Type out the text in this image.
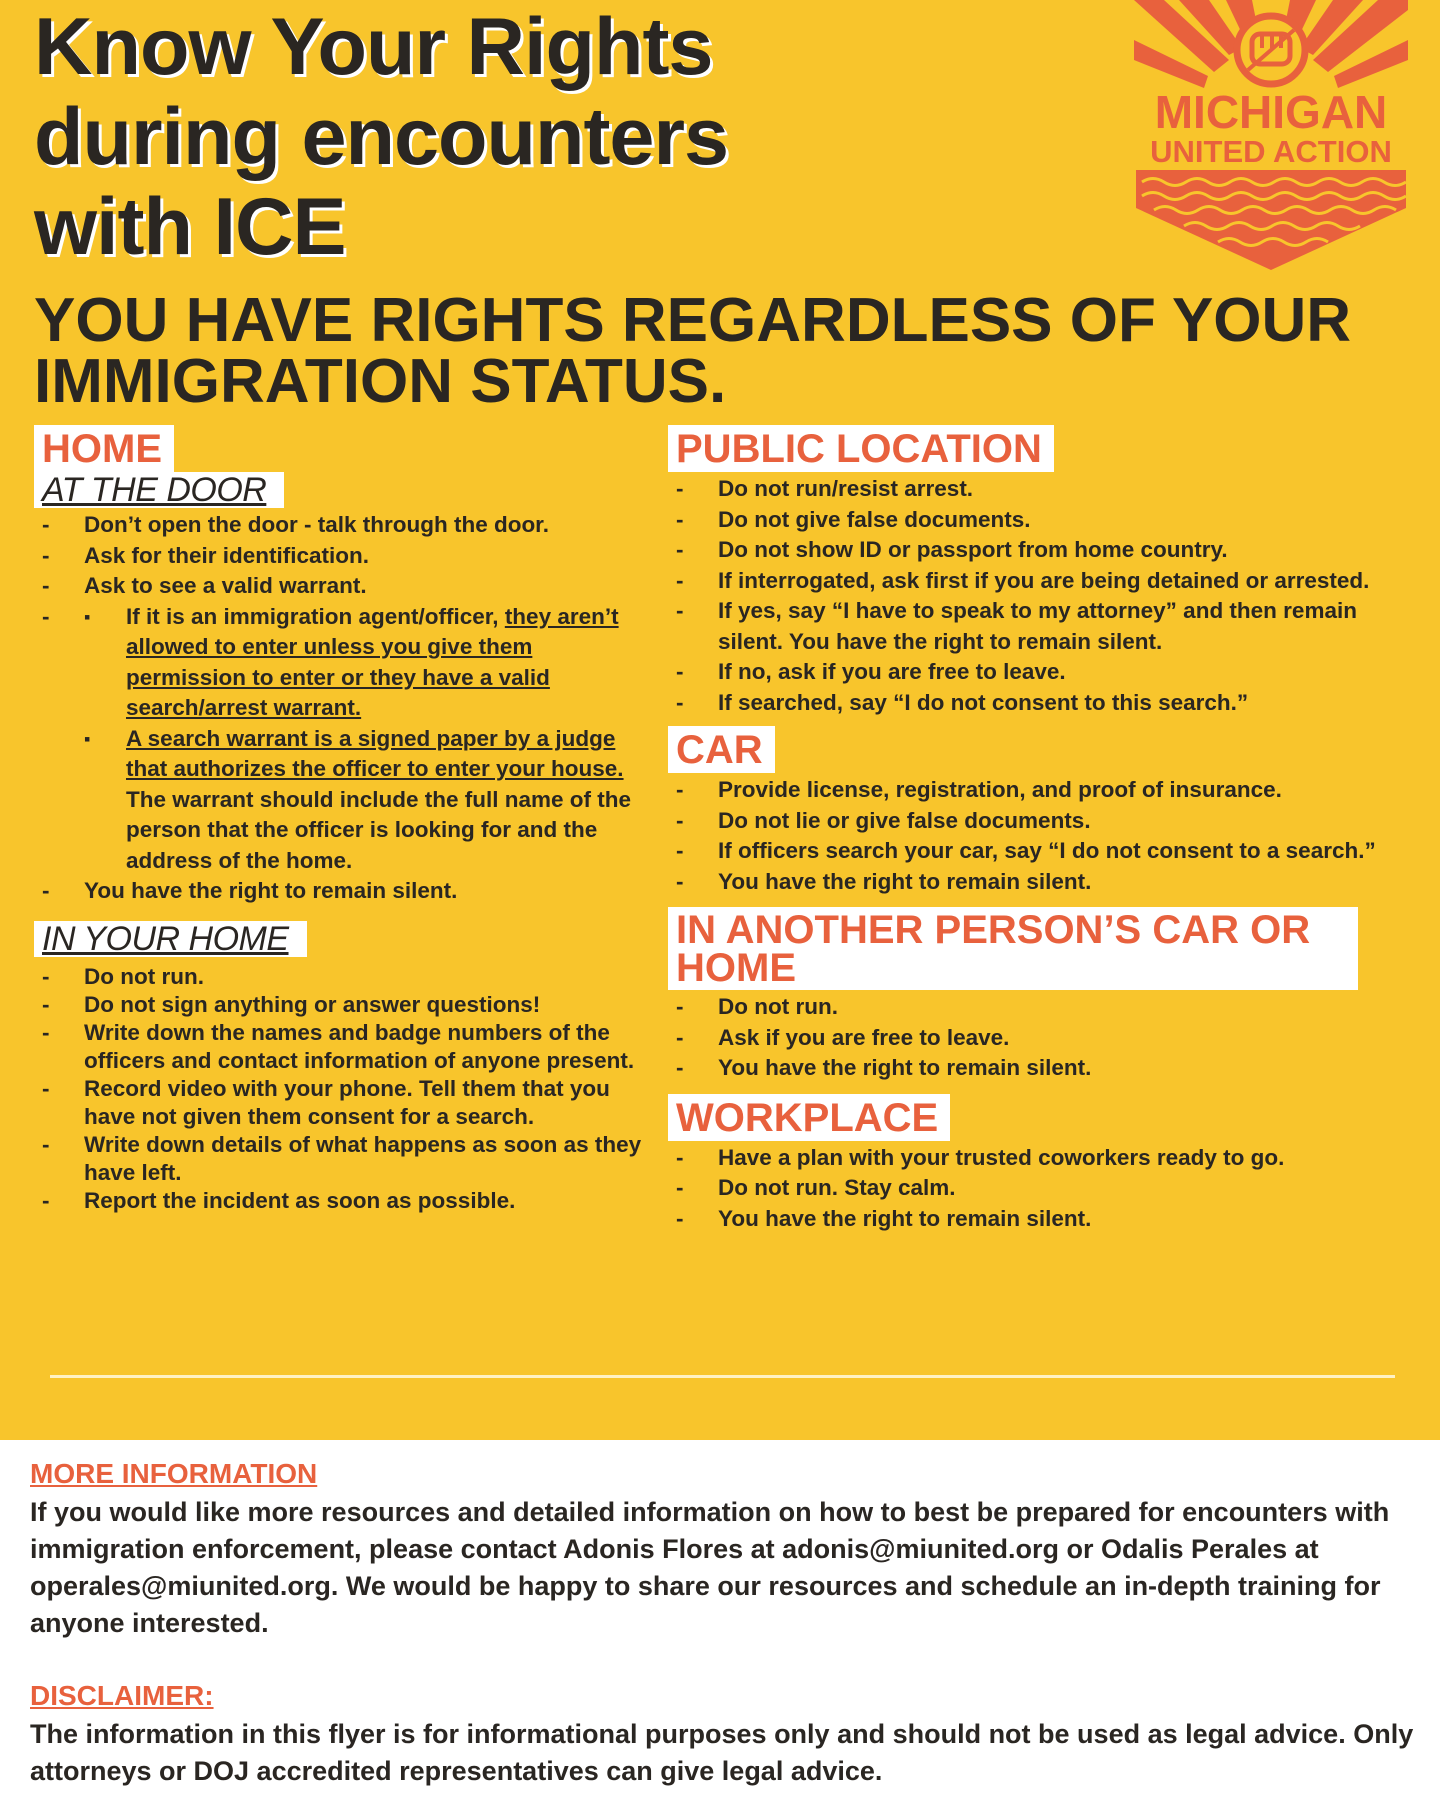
Know Your Rights
during encounters
with ICE
MICHIGAN
UNITED ACTION
YOU HAVE RIGHTS REGARDLESS OF YOUR IMMIGRATION STATUS.
HOME
AT THE DOOR
- Don’t open the door - talk through the door.
- Ask for their identification.
- Ask to see a valid warrant.
▪ - If it is an immigration agent/officer, they aren’t allowed to enter unless you give them permission to enter or they have a valid search/arrest warrant.
▪ A search warrant is a signed paper by a judge that authorizes the officer to enter your house. The warrant should include the full name of the person that the officer is looking for and the address of the home.
- You have the right to remain silent.
IN YOUR HOME
- Do not run.
- Do not sign anything or answer questions!
- Write down the names and badge numbers of the officers and contact information of anyone present.
- Record video with your phone. Tell them that you have not given them consent for a search.
- Write down details of what happens as soon as they have left.
- Report the incident as soon as possible.
PUBLIC LOCATION
- Do not run/resist arrest.
- Do not give false documents.
- Do not show ID or passport from home country.
- If interrogated, ask first if you are being detained or arrested.
- If yes, say “I have to speak to my attorney” and then remain silent. You have the right to remain silent.
- If no, ask if you are free to leave.
- If searched, say “I do not consent to this search.”
CAR
- Provide license, registration, and proof of insurance.
- Do not lie or give false documents.
- If officers search your car, say “I do not consent to a search.”
- You have the right to remain silent.
IN ANOTHER PERSON’S CAR OR HOME
- Do not run.
- Ask if you are free to leave.
- You have the right to remain silent.
WORKPLACE
- Have a plan with your trusted coworkers ready to go.
- Do not run. Stay calm.
- You have the right to remain silent.
MORE INFORMATION
If you would like more resources and detailed information on how to best be prepared for encounters with immigration enforcement, please contact Adonis Flores at adonis@miunited.org or Odalis Perales at operales@miunited.org. We would be happy to share our resources and schedule an in-depth training for anyone interested.
DISCLAIMER:
The information in this flyer is for informational purposes only and should not be used as legal advice. Only attorneys or DOJ accredited representatives can give legal advice.
